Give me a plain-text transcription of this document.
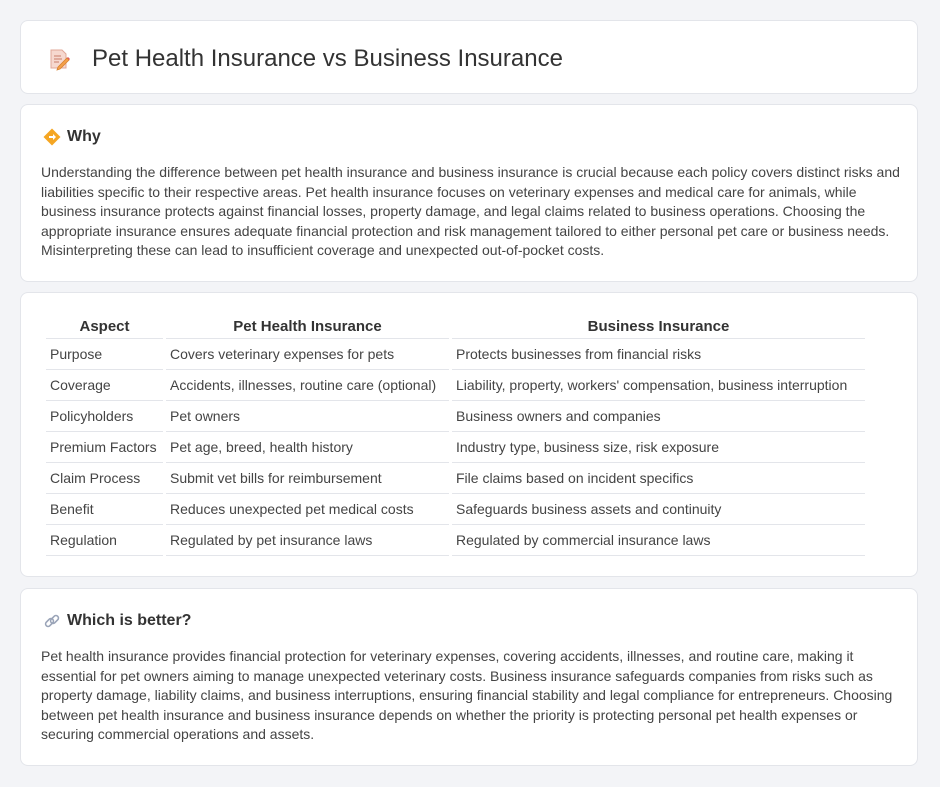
Pet Health Insurance vs Business Insurance
Why

Understanding the difference between pet health insurance and business insurance is crucial because each policy covers distinct risks and liabilities specific to their respective areas. Pet health insurance focuses on veterinary expenses and medical care for animals, while business insurance protects against financial losses, property damage, and legal claims related to business operations. Choosing the appropriate insurance ensures adequate financial protection and risk management tailored to either personal pet care or business needs. Misinterpreting these can lead to insufficient coverage and unexpected out-of-pocket costs.

Aspect	Pet Health Insurance	Business Insurance
Purpose	Covers veterinary expenses for pets	Protects businesses from financial risks
Coverage	Accidents, illnesses, routine care (optional)	Liability, property, workers' compensation, business interruption
Policyholders	Pet owners	Business owners and companies
Premium Factors	Pet age, breed, health history	Industry type, business size, risk exposure
Claim Process	Submit vet bills for reimbursement	File claims based on incident specifics
Benefit	Reduces unexpected pet medical costs	Safeguards business assets and continuity
Regulation	Regulated by pet insurance laws	Regulated by commercial insurance laws
Which is better?

Pet health insurance provides financial protection for veterinary expenses, covering accidents, illnesses, and routine care, making it essential for pet owners aiming to manage unexpected veterinary costs. Business insurance safeguards companies from risks such as property damage, liability claims, and business interruptions, ensuring financial stability and legal compliance for entrepreneurs. Choosing between pet health insurance and business insurance depends on whether the priority is protecting personal pet health expenses or securing commercial operations and assets.
